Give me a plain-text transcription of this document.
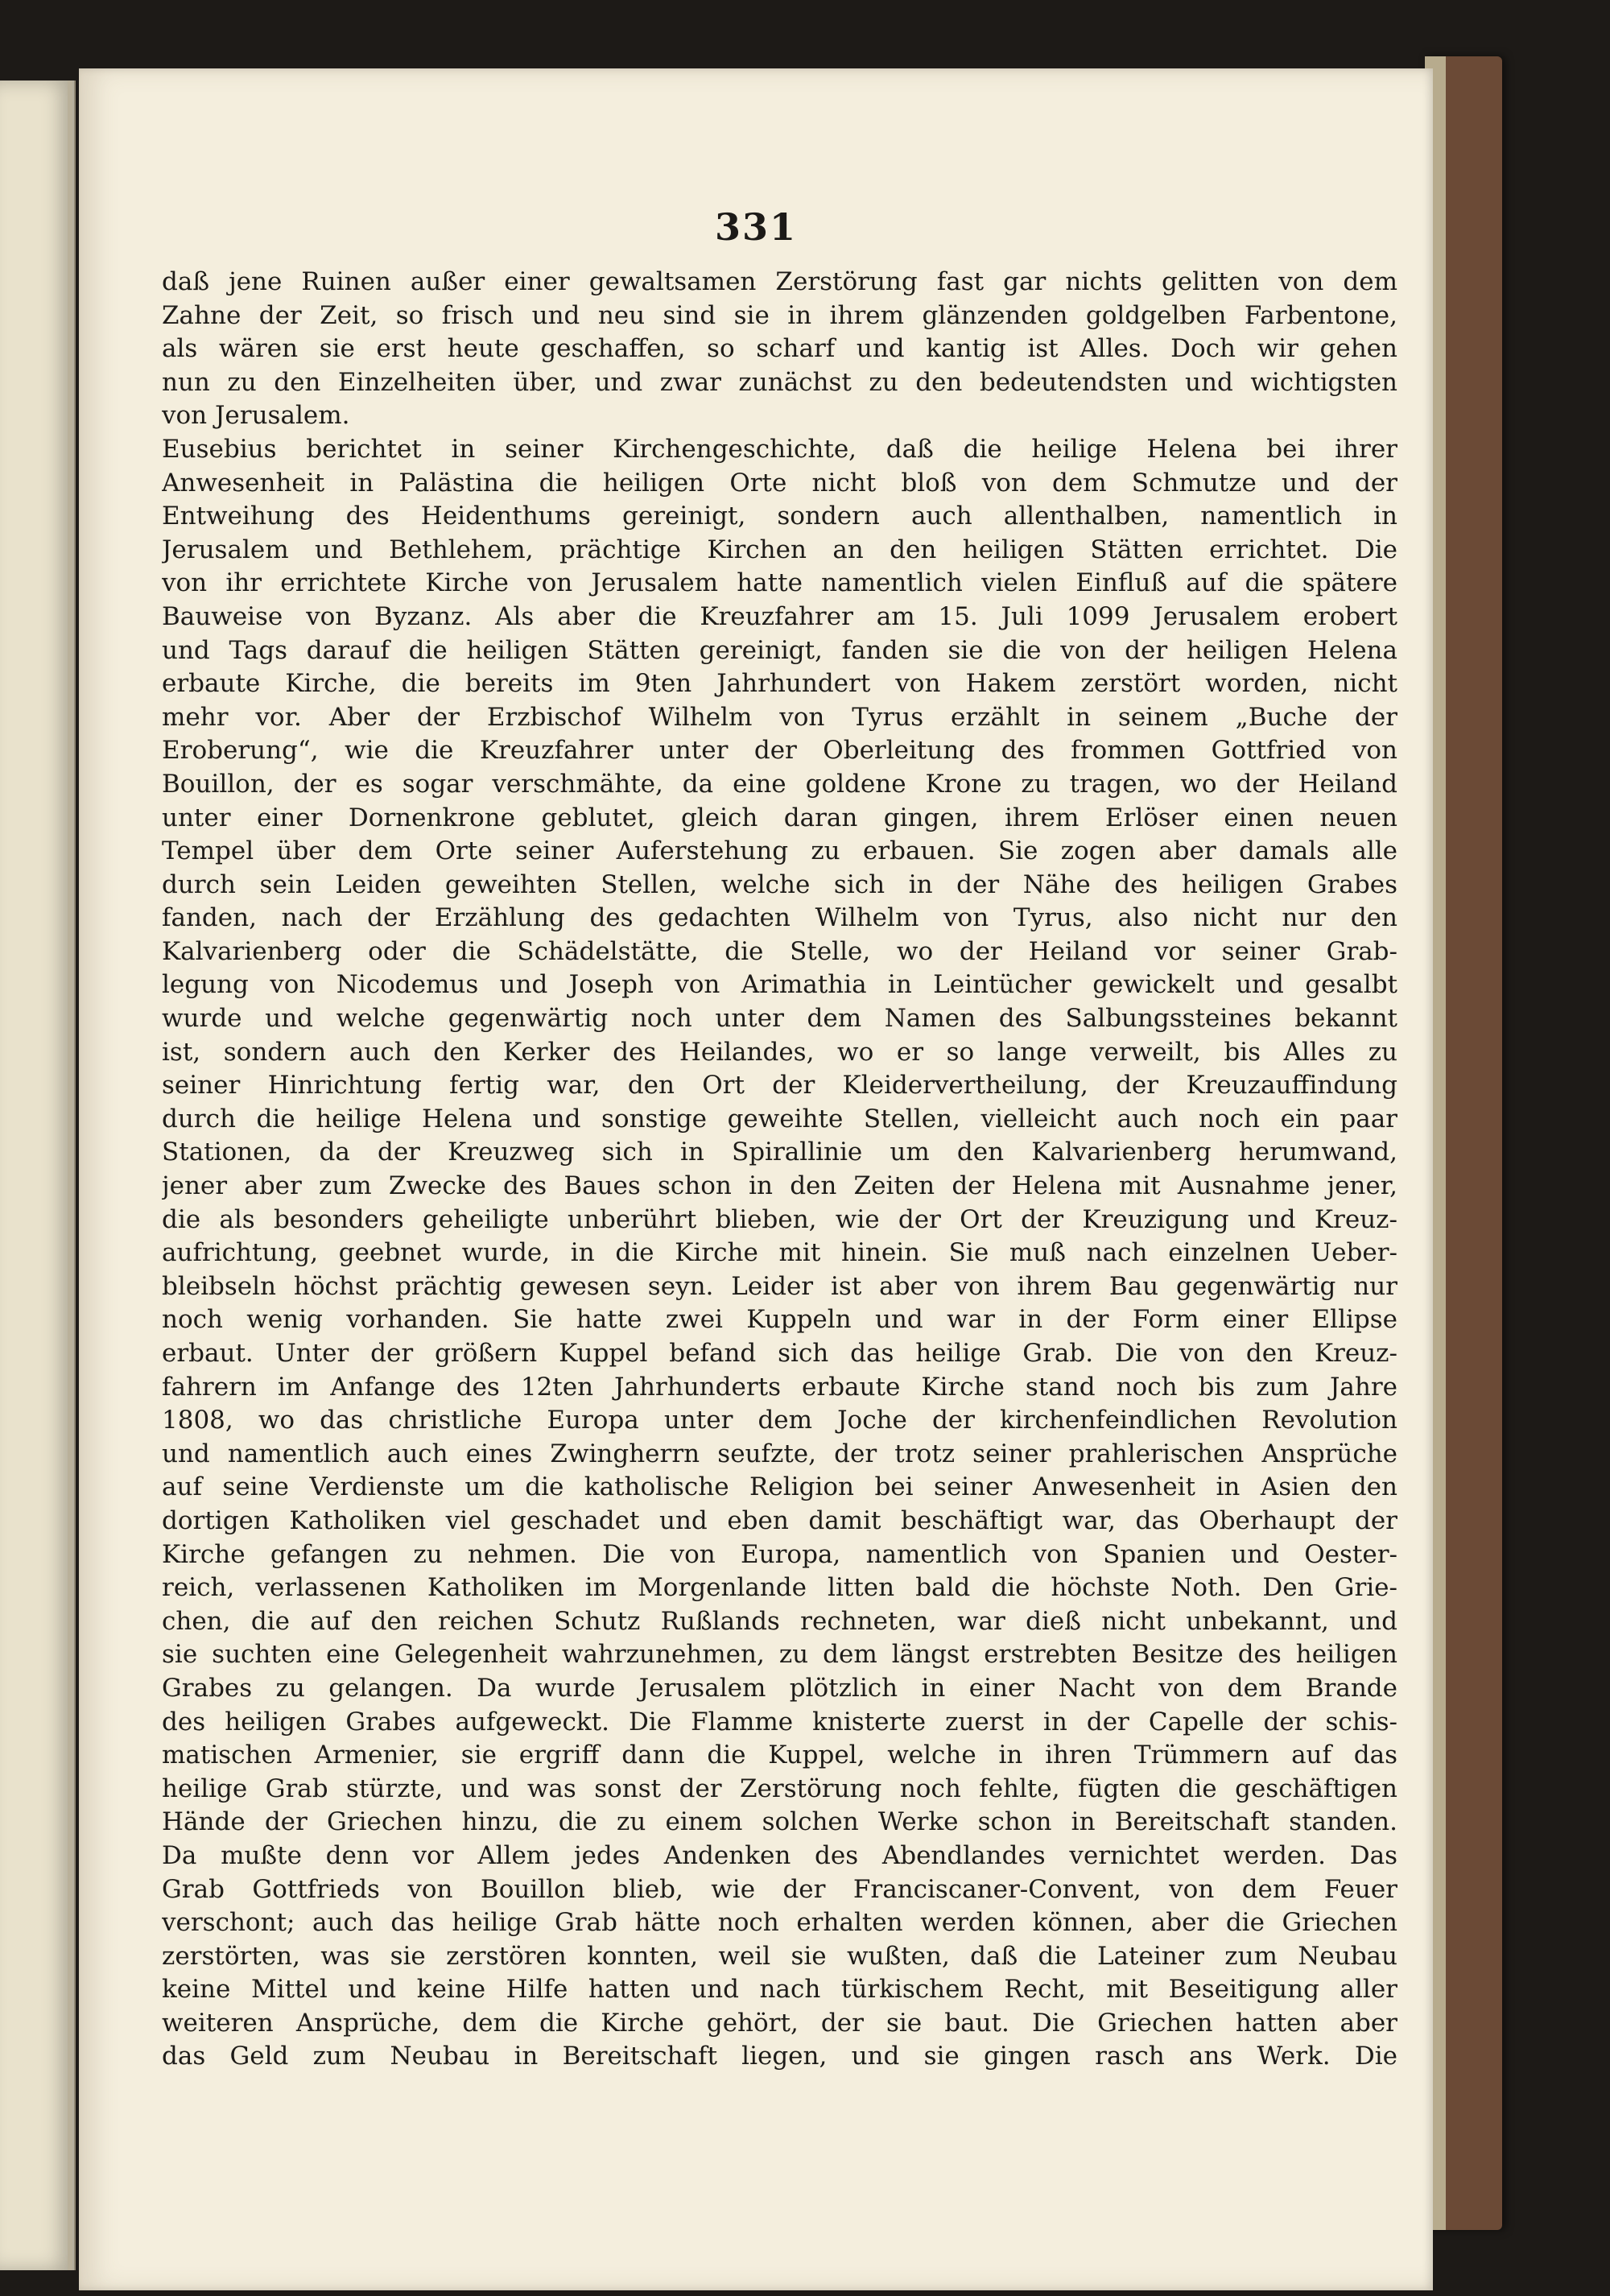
331
daß jene Ruinen außer einer gewaltsamen Zerstörung fast gar nichts gelitten von dem
Zahne der Zeit, so frisch und neu sind sie in ihrem glänzenden goldgelben Farbentone,
als wären sie erst heute geschaffen, so scharf und kantig ist Alles. Doch wir gehen
nun zu den Einzelheiten über, und zwar zunächst zu den bedeutendsten und wichtigsten
von Jerusalem.
Eusebius berichtet in seiner Kirchengeschichte, daß die heilige Helena bei ihrer
Anwesenheit in Palästina die heiligen Orte nicht bloß von dem Schmutze und der
Entweihung des Heidenthums gereinigt, sondern auch allenthalben, namentlich in
Jerusalem und Bethlehem, prächtige Kirchen an den heiligen Stätten errichtet. Die
von ihr errichtete Kirche von Jerusalem hatte namentlich vielen Einfluß auf die spätere
Bauweise von Byzanz. Als aber die Kreuzfahrer am 15. Juli 1099 Jerusalem erobert
und Tags darauf die heiligen Stätten gereinigt, fanden sie die von der heiligen Helena
erbaute Kirche, die bereits im 9ten Jahrhundert von Hakem zerstört worden, nicht
mehr vor. Aber der Erzbischof Wilhelm von Tyrus erzählt in seinem „Buche der
Eroberung“, wie die Kreuzfahrer unter der Oberleitung des frommen Gottfried von
Bouillon, der es sogar verschmähte, da eine goldene Krone zu tragen, wo der Heiland
unter einer Dornenkrone geblutet, gleich daran gingen, ihrem Erlöser einen neuen
Tempel über dem Orte seiner Auferstehung zu erbauen. Sie zogen aber damals alle
durch sein Leiden geweihten Stellen, welche sich in der Nähe des heiligen Grabes
fanden, nach der Erzählung des gedachten Wilhelm von Tyrus, also nicht nur den
Kalvarienberg oder die Schädelstätte, die Stelle, wo der Heiland vor seiner Grab-
legung von Nicodemus und Joseph von Arimathia in Leintücher gewickelt und gesalbt
wurde und welche gegenwärtig noch unter dem Namen des Salbungssteines bekannt
ist, sondern auch den Kerker des Heilandes, wo er so lange verweilt, bis Alles zu
seiner Hinrichtung fertig war, den Ort der Kleidervertheilung, der Kreuzauffindung
durch die heilige Helena und sonstige geweihte Stellen, vielleicht auch noch ein paar
Stationen, da der Kreuzweg sich in Spirallinie um den Kalvarienberg herumwand,
jener aber zum Zwecke des Baues schon in den Zeiten der Helena mit Ausnahme jener,
die als besonders geheiligte unberührt blieben, wie der Ort der Kreuzigung und Kreuz-
aufrichtung, geebnet wurde, in die Kirche mit hinein. Sie muß nach einzelnen Ueber-
bleibseln höchst prächtig gewesen seyn. Leider ist aber von ihrem Bau gegenwärtig nur
noch wenig vorhanden. Sie hatte zwei Kuppeln und war in der Form einer Ellipse
erbaut. Unter der größern Kuppel befand sich das heilige Grab. Die von den Kreuz-
fahrern im Anfange des 12ten Jahrhunderts erbaute Kirche stand noch bis zum Jahre
1808, wo das christliche Europa unter dem Joche der kirchenfeindlichen Revolution
und namentlich auch eines Zwingherrn seufzte, der trotz seiner prahlerischen Ansprüche
auf seine Verdienste um die katholische Religion bei seiner Anwesenheit in Asien den
dortigen Katholiken viel geschadet und eben damit beschäftigt war, das Oberhaupt der
Kirche gefangen zu nehmen. Die von Europa, namentlich von Spanien und Oester-
reich, verlassenen Katholiken im Morgenlande litten bald die höchste Noth. Den Grie-
chen, die auf den reichen Schutz Rußlands rechneten, war dieß nicht unbekannt, und
sie suchten eine Gelegenheit wahrzunehmen, zu dem längst erstrebten Besitze des heiligen
Grabes zu gelangen. Da wurde Jerusalem plötzlich in einer Nacht von dem Brande
des heiligen Grabes aufgeweckt. Die Flamme knisterte zuerst in der Capelle der schis-
matischen Armenier, sie ergriff dann die Kuppel, welche in ihren Trümmern auf das
heilige Grab stürzte, und was sonst der Zerstörung noch fehlte, fügten die geschäftigen
Hände der Griechen hinzu, die zu einem solchen Werke schon in Bereitschaft standen.
Da mußte denn vor Allem jedes Andenken des Abendlandes vernichtet werden. Das
Grab Gottfrieds von Bouillon blieb, wie der Franciscaner-Convent, von dem Feuer
verschont; auch das heilige Grab hätte noch erhalten werden können, aber die Griechen
zerstörten, was sie zerstören konnten, weil sie wußten, daß die Lateiner zum Neubau
keine Mittel und keine Hilfe hatten und nach türkischem Recht, mit Beseitigung aller
weiteren Ansprüche, dem die Kirche gehört, der sie baut. Die Griechen hatten aber
das Geld zum Neubau in Bereitschaft liegen, und sie gingen rasch ans Werk. Die
